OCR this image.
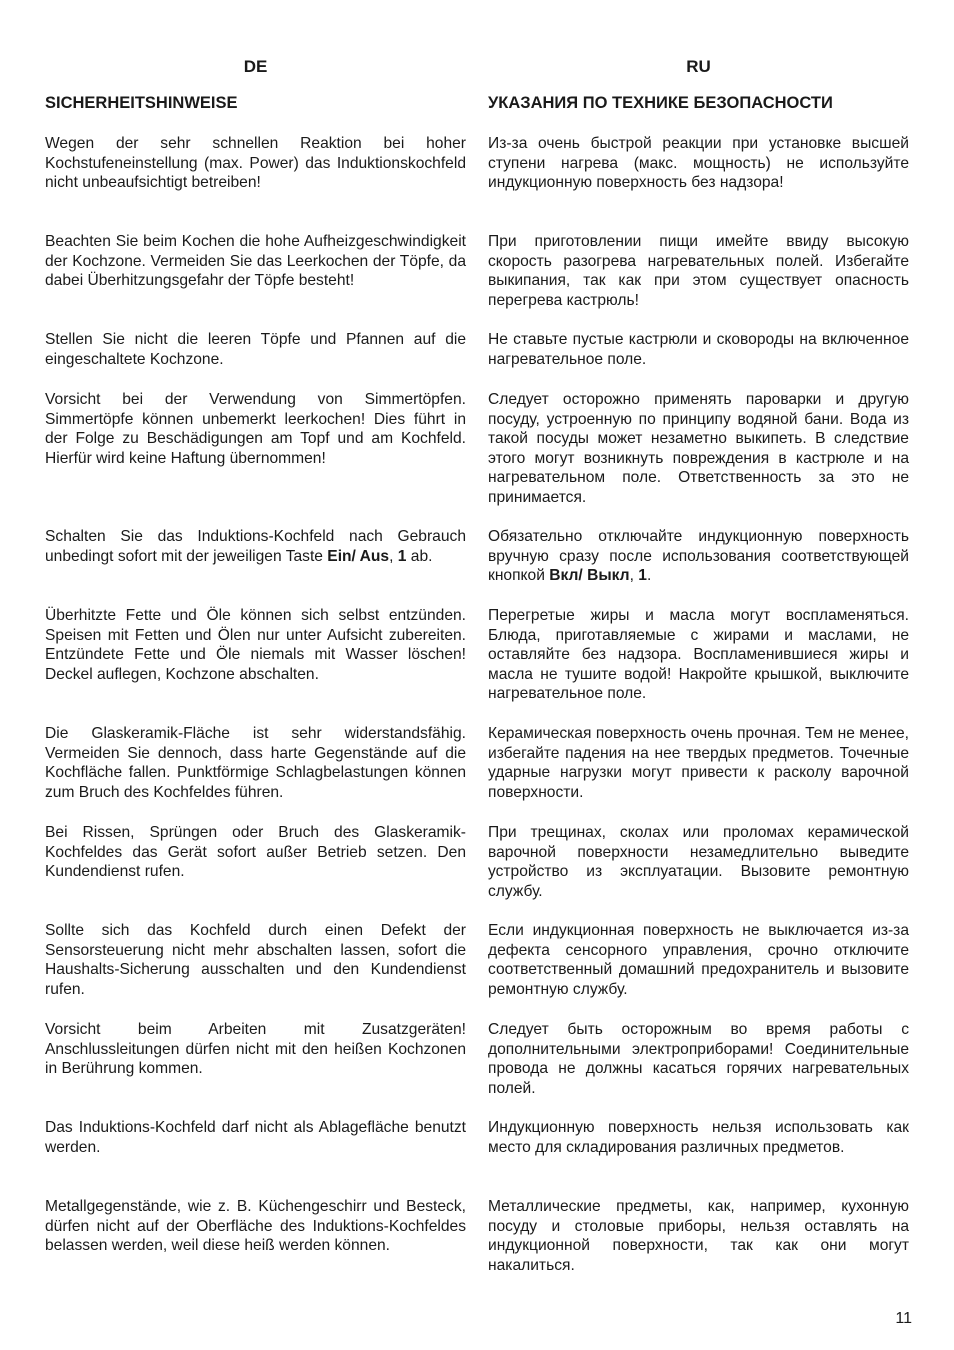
DE
SICHERHEITSHINWEISE

Wegen der sehr schnellen Reaktion bei hoher Kochstufeneinstellung (max. Power) das Induktionskochfeld nicht unbeaufsichtigt betreiben!

Beachten Sie beim Kochen die hohe Aufheizgeschwindigkeit der Kochzone. Vermeiden Sie das Leerkochen der Töpfe, da dabei Überhitzungsgefahr der Töpfe besteht!

Stellen Sie nicht die leeren Töpfe und Pfannen auf die eingeschaltete Kochzone.

Vorsicht bei der Verwendung von Simmertöpfen. Simmertöpfe können unbemerkt leerkochen! Dies führt in der Folge zu Beschädigungen am Topf und am Kochfeld. Hierfür wird keine Haftung übernommen!

Schalten Sie das Induktions-Kochfeld nach Gebrauch unbedingt sofort mit der jeweiligen Taste Ein/ Aus, 1 ab.

Überhitzte Fette und Öle können sich selbst entzünden. Speisen mit Fetten und Ölen nur unter Aufsicht zubereiten. Entzündete Fette und Öle niemals mit Wasser löschen! Deckel auflegen, Kochzone abschalten.

Die Glaskeramik-Fläche ist sehr widerstandsfähig. Vermeiden Sie dennoch, dass harte Gegenstände auf die Kochfläche fallen. Punktförmige Schlagbelastungen können zum Bruch des Kochfeldes führen.

Bei Rissen, Sprüngen oder Bruch des Glaskeramik-Kochfeldes das Gerät sofort außer Betrieb setzen. Den Kundendienst rufen.

Sollte sich das Kochfeld durch einen Defekt der Sensorsteuerung nicht mehr abschalten lassen, sofort die Haushalts-Sicherung ausschalten und den Kundendienst rufen.

Vorsicht beim Arbeiten mit Zusatzgeräten! Anschlussleitungen dürfen nicht mit den heißen Kochzonen in Berührung kommen.

Das Induktions-Kochfeld darf nicht als Ablagefläche benutzt werden.

Metallgegenstände, wie z. B. Küchengeschirr und Besteck, dürfen nicht auf der Oberfläche des Induktions-Kochfeldes belassen werden, weil diese heiß werden können.

RU
УКАЗАНИЯ ПО ТЕХНИКЕ БЕЗОПАСНОСТИ

Из-за очень быстрой реакции при установке высшей ступени нагрева (макс. мощность) не используйте индукционную поверхность без надзора!

При приготовлении пищи имейте ввиду высокую скорость разогрева нагревательных полей. Избегайте выкипания, так как при этом существует опасность перегрева кастрюль!

Не ставьте пустые кастрюли и сковороды на включенное нагревательное поле.

Следует осторожно применять пароварки и другую посуду, устроенную по принципу водяной бани. Вода из такой посуды может незаметно выкипеть. В следствие этого могут возникнуть повреждения в кастрюле и на нагревательном поле. Ответственность за это не принимается.

Обязательно отключайте индукционную поверхность вручную сразу после использования соответствующей кнопкой Вкл/ Выкл, 1.

Перегретые жиры и масла могут воспламеняться. Блюда, приготавляемые с жирами и маслами, не оставляйте без надзора. Воспламенившиеся жиры и масла не тушите водой! Накройте крышкой, выключите нагревательное поле.

Керамическая поверхность очень прочная. Тем не менее, избегайте падения на нее твердых предметов. Точечные ударные нагрузки могут привести к расколу варочной поверхности.

При трещинах, сколах или проломах керамической варочной поверхности незамедлительно выведите устройство из эксплуатации. Вызовите ремонтную службу.

Если индукционная поверхность не выключается из-за дефекта сенсорного управления, срочно отключите соответственный домашний предохранитель и вызовите ремонтную службу.

Следует быть осторожным во время работы с дополнительными электроприборами! Соединительные провода не должны касаться горячих нагревательных полей.

Индукционную поверхность нельзя использовать как место для складирования различных предметов.

Металлические предметы, как, например, кухонную посуду и столовые приборы, нельзя оставлять на индукционной поверхности, так как они могут накалиться.

11
